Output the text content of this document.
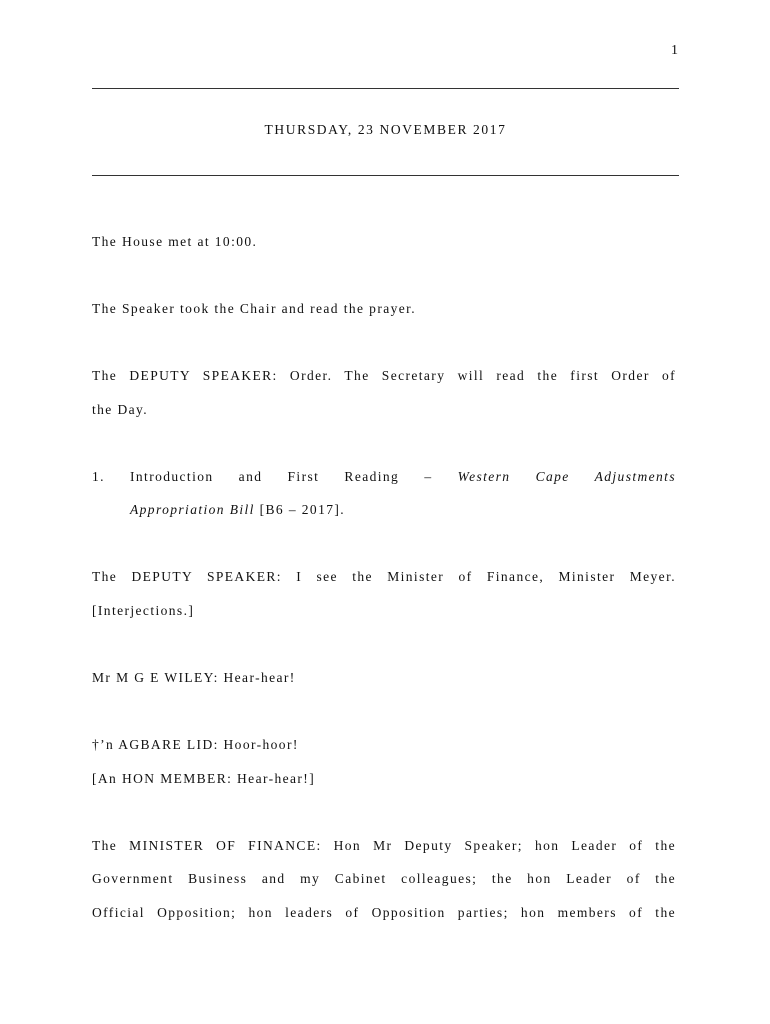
1
THURSDAY, 23 NOVEMBER 2017
The House met at 10:00.
The Speaker took the Chair and read the prayer.
The DEPUTY SPEAKER: Order. The Secretary will read the first Order of
the Day.
1. Introduction and First Reading – Western Cape Adjustments
Appropriation Bill [B6 – 2017].
The DEPUTY SPEAKER: I see the Minister of Finance, Minister Meyer.
[Interjections.]
Mr M G E WILEY: Hear-hear!
†’n AGBARE LID: Hoor-hoor!
[An HON MEMBER: Hear-hear!]
The MINISTER OF FINANCE: Hon Mr Deputy Speaker; hon Leader of the
Government Business and my Cabinet colleagues; the hon Leader of the
Official Opposition; hon leaders of Opposition parties; hon members of the
